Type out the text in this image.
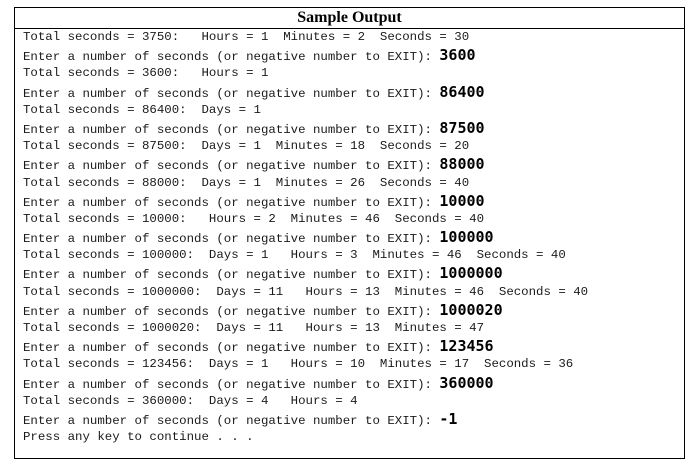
Sample Output
Total seconds = 3750:   Hours = 1  Minutes = 2  Seconds = 30
Enter a number of seconds (or negative number to EXIT): 3600
Total seconds = 3600:   Hours = 1
Enter a number of seconds (or negative number to EXIT): 86400
Total seconds = 86400:  Days = 1
Enter a number of seconds (or negative number to EXIT): 87500
Total seconds = 87500:  Days = 1  Minutes = 18  Seconds = 20
Enter a number of seconds (or negative number to EXIT): 88000
Total seconds = 88000:  Days = 1  Minutes = 26  Seconds = 40
Enter a number of seconds (or negative number to EXIT): 10000
Total seconds = 10000:   Hours = 2  Minutes = 46  Seconds = 40
Enter a number of seconds (or negative number to EXIT): 100000
Total seconds = 100000:  Days = 1   Hours = 3  Minutes = 46  Seconds = 40
Enter a number of seconds (or negative number to EXIT): 1000000
Total seconds = 1000000:  Days = 11   Hours = 13  Minutes = 46  Seconds = 40
Enter a number of seconds (or negative number to EXIT): 1000020
Total seconds = 1000020:  Days = 11   Hours = 13  Minutes = 47
Enter a number of seconds (or negative number to EXIT): 123456
Total seconds = 123456:  Days = 1   Hours = 10  Minutes = 17  Seconds = 36
Enter a number of seconds (or negative number to EXIT): 360000
Total seconds = 360000:  Days = 4   Hours = 4
Enter a number of seconds (or negative number to EXIT): -1
Press any key to continue . . .
